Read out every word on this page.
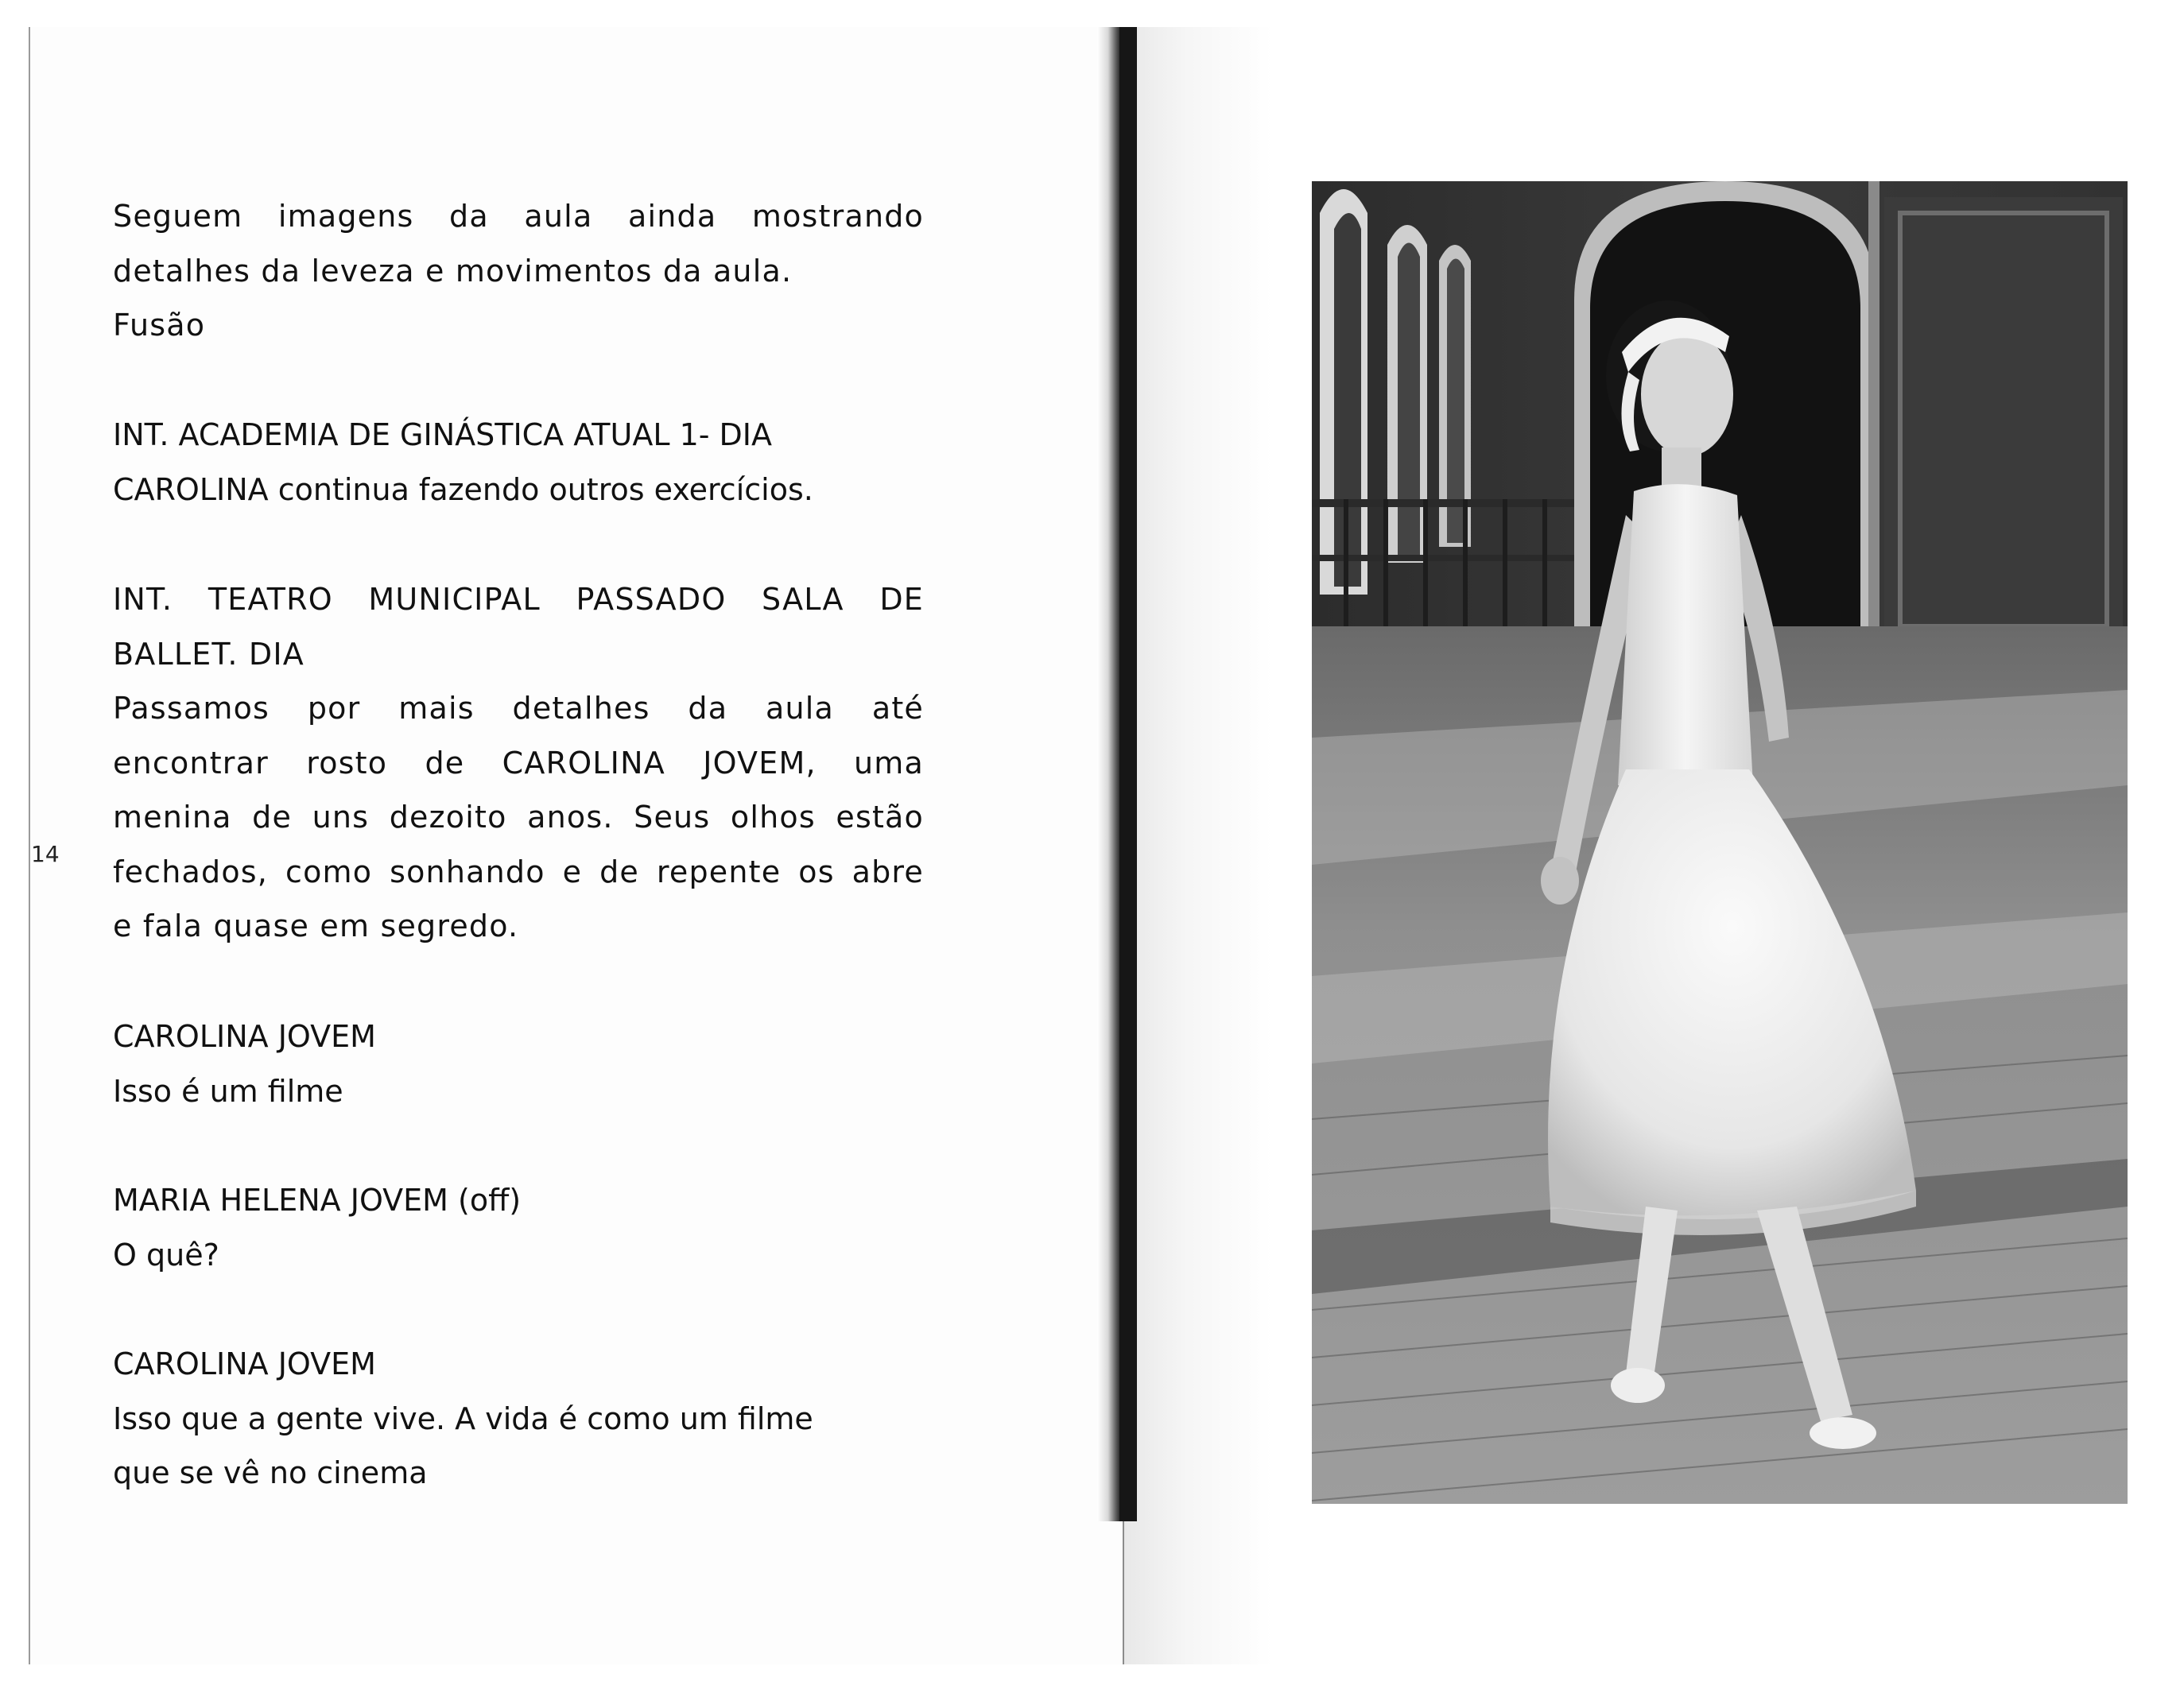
14

Seguem imagens da aula ainda mostrando
detalhes da leveza e movimentos da aula.
Fusão

INT. ACADEMIA DE GINÁSTICA ATUAL 1- DIA
CAROLINA continua fazendo outros exercícios.

INT. TEATRO MUNICIPAL PASSADO SALA DE
BALLET. DIA
Passamos por mais detalhes da aula até
encontrar rosto de CAROLINA JOVEM, uma
menina de uns dezoito anos. Seus olhos estão
fechados, como sonhando e de repente os abre
e fala quase em segredo.

CAROLINA JOVEM
Isso é um filme

MARIA HELENA JOVEM (off)
O quê?

CAROLINA JOVEM
Isso que a gente vive. A vida é como um filme
que se vê no cinema
